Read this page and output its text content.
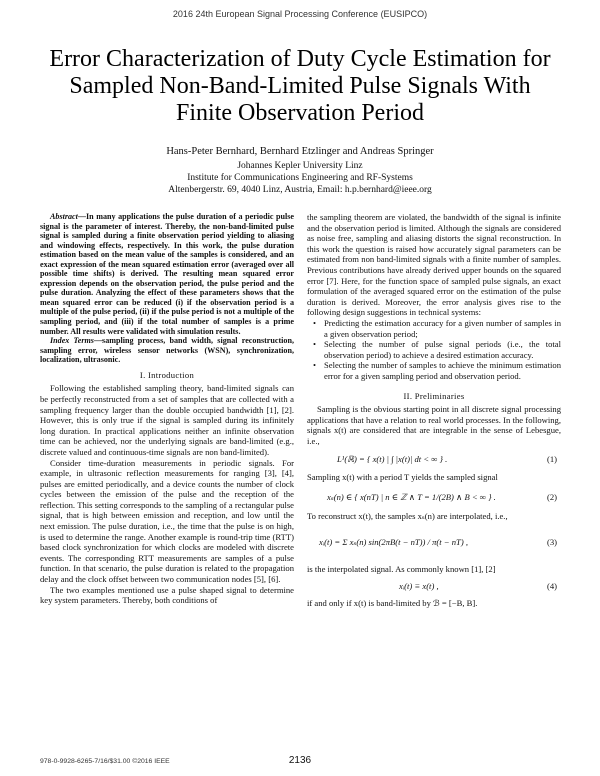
2016 24th European Signal Processing Conference (EUSIPCO)
Error Characterization of Duty Cycle Estimation for Sampled Non-Band-Limited Pulse Signals With Finite Observation Period
Hans-Peter Bernhard, Bernhard Etzlinger and Andreas Springer
Johannes Kepler University Linz
Institute for Communications Engineering and RF-Systems
Altenbergerstr. 69, 4040 Linz, Austria, Email: h.p.bernhard@ieee.org

Abstract—In many applications the pulse duration of a periodic pulse signal is the parameter of interest. Thereby, the non-band-limited pulse signal is sampled during a finite observation period yielding to aliasing and windowing effects, respectively. In this work, the pulse duration estimation based on the mean value of the samples is considered, and an exact expression of the mean squared estimation error (averaged over all possible time shifts) is derived. The resulting mean squared error expression depends on the observation period, the pulse period and the pulse duration. Analyzing the effect of these parameters shows that the mean squared error can be reduced (i) if the observation period is a multiple of the pulse period, (ii) if the pulse period is not a multiple of the sampling period, and (iii) if the total number of samples is a prime number. All results were validated with simulation results.

Index Terms—sampling process, band width, signal reconstruction, sampling error, wireless sensor networks (WSN), synchronization, localization, ultrasonic.

I. Introduction

Following the established sampling theory, band-limited signals can be perfectly reconstructed from a set of samples that are collected with a sampling frequency larger than the double occupied bandwidth [1], [2]. However, this is only true if the signal is sampled during its infinitely long duration. In practical applications neither an infinite observation time can be achieved, nor the underlying signals are band-limited (e.g., discrete valued and continuous-time signals are non band-limited).

Consider time-duration measurements in periodic signals. For example, in ultrasonic reflection measurements for ranging [3], [4], pulses are emitted periodically, and a device counts the number of clock cycles between the emission of the pulse and the reception of the reflection. This setting corresponds to the sampling of a rectangular pulse signal, that is high between emission and reception, and low until the next emission. The pulse duration, i.e., the time that the pulse is on high, is used to determine the range. Another example is round-trip time (RTT) based clock synchronization for which clocks are modeled with discrete events. The corresponding RTT measurements are samples of a pulse function. In that scenario, the pulse duration is related to the propagation delay and the clock offset between two communication nodes [5], [6].

The two examples mentioned use a pulse shaped signal to determine key system parameters. Thereby, both conditions of

the sampling theorem are violated, the bandwidth of the signal is infinite and the observation period is limited. Although the signals are considered as noise free, sampling and aliasing distorts the signal reconstruction. In this work the question is raised how accurately signal parameters can be estimated from non band-limited signals with a finite number of samples. Previous contributions have already derived upper bounds on the squared error [7]. Here, for the function space of sampled pulse signals, an exact formulation of the averaged squared error on the estimation of the pulse duration is derived. Moreover, the error analysis gives rise to the following design suggestions in technical systems:

• Predicting the estimation accuracy for a given number of samples in a given observation period;
• Selecting the number of pulse signal periods (i.e., the total observation period) to achieve a desired estimation accuracy.
• Selecting the number of samples to achieve the minimum estimation error for a given sampling period and observation period.
II. Preliminaries

Sampling is the obvious starting point in all discrete signal processing applications that have a relation to real world processes. In the following, signals x(t) are considered that are integrable in the sense of Lebesgue, i.e.,

L¹(ℝ) = { x(t) | ∫ |x(t)| dt < ∞ } .	(1)

Sampling x(t) with a period T yields the sampled signal

xₛ(n) ∈ { x(nT) | n ∈ ℤ ∧ T = 1/(2B) ∧ B < ∞ } .	(2)

To reconstruct x(t), the samples xₛ(n) are interpolated, i.e.,

xᵢ(t) = Σ xₛ(n) sin(2πB(t − nT)) / π(t − nT) ,	(3)

is the interpolated signal. As commonly known [1], [2]

xᵢ(t) ≡ x(t) ,	(4)

if and only if x(t) is band-limited by ℬ = [−B, B].

978-0-9928-6265-7/16/$31.00 ©2016 IEEE	2136
